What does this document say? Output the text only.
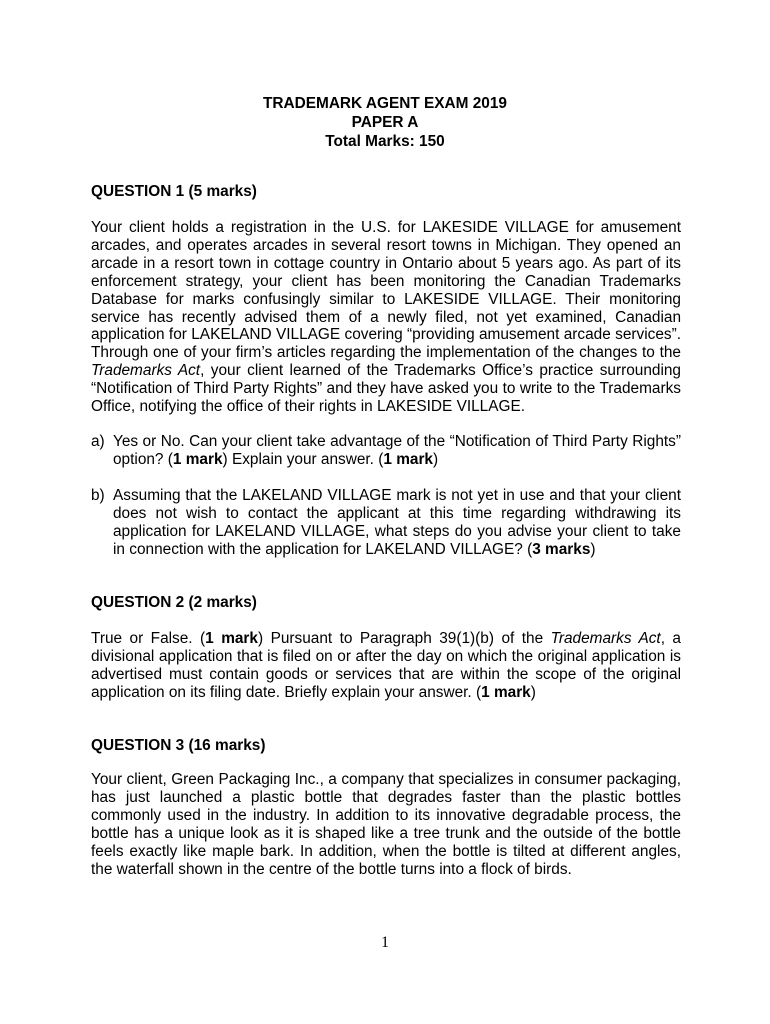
TRADEMARK AGENT EXAM 2019
PAPER A
Total Marks: 150
QUESTION 1 (5 marks)
Your client holds a registration in the U.S. for LAKESIDE VILLAGE for amusement arcades, and operates arcades in several resort towns in Michigan. They opened an arcade in a resort town in cottage country in Ontario about 5 years ago. As part of its enforcement strategy, your client has been monitoring the Canadian Trademarks Database for marks confusingly similar to LAKESIDE VILLAGE. Their monitoring service has recently advised them of a newly filed, not yet examined, Canadian application for LAKELAND VILLAGE covering “providing amusement arcade services”. Through one of your firm’s articles regarding the implementation of the changes to the Trademarks Act, your client learned of the Trademarks Office’s practice surrounding “Notification of Third Party Rights” and they have asked you to write to the Trademarks Office, notifying the office of their rights in LAKESIDE VILLAGE.
a) Yes or No. Can your client take advantage of the “Notification of Third Party Rights” option? (1 mark) Explain your answer. (1 mark)
b) Assuming that the LAKELAND VILLAGE mark is not yet in use and that your client does not wish to contact the applicant at this time regarding withdrawing its application for LAKELAND VILLAGE, what steps do you advise your client to take in connection with the application for LAKELAND VILLAGE? (3 marks)
QUESTION 2 (2 marks)
True or False. (1 mark) Pursuant to Paragraph 39(1)(b) of the Trademarks Act, a divisional application that is filed on or after the day on which the original application is advertised must contain goods or services that are within the scope of the original application on its filing date. Briefly explain your answer. (1 mark)
QUESTION 3 (16 marks)
Your client, Green Packaging Inc., a company that specializes in consumer packaging, has just launched a plastic bottle that degrades faster than the plastic bottles commonly used in the industry. In addition to its innovative degradable process, the bottle has a unique look as it is shaped like a tree trunk and the outside of the bottle feels exactly like maple bark. In addition, when the bottle is tilted at different angles, the waterfall shown in the centre of the bottle turns into a flock of birds.
1
